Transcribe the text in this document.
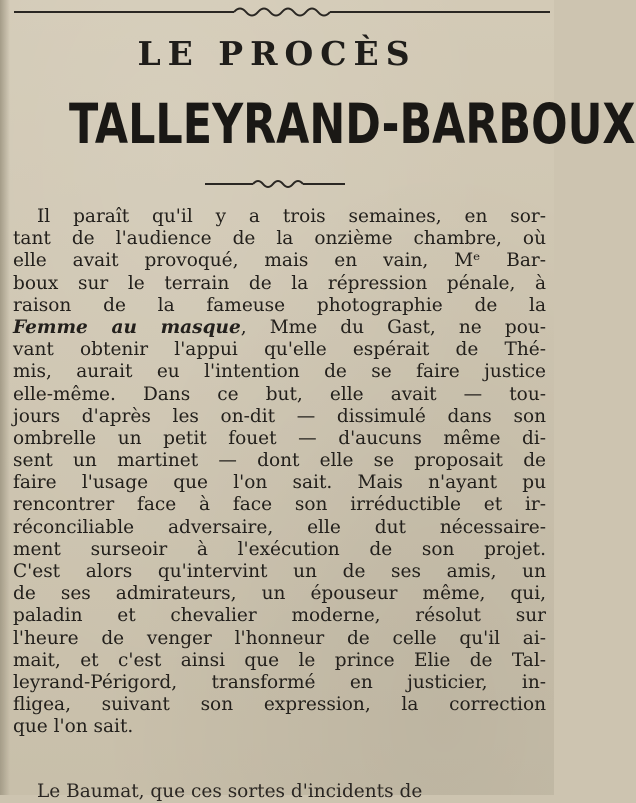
LE PROCÈS
TALLEYRAND-BARBOUX
Il paraît qu'il y a trois semaines, en sor-
tant de l'audience de la onzième chambre, où
elle avait provoqué, mais en vain, Mᵉ Bar-
boux sur le terrain de la répression pénale, à
raison de la fameuse photographie de la
Femme au masque, Mme du Gast, ne pou-
vant obtenir l'appui qu'elle espérait de Thé-
mis, aurait eu l'intention de se faire justice
elle-même. Dans ce but, elle avait — tou-
jours d'après les on-dit — dissimulé dans son
ombrelle un petit fouet — d'aucuns même di-
sent un martinet — dont elle se proposait de
faire l'usage que l'on sait. Mais n'ayant pu
rencontrer face à face son irréductible et ir-
réconciliable adversaire, elle dut nécessaire-
ment surseoir à l'exécution de son projet.
C'est alors qu'intervint un de ses amis, un
de ses admirateurs, un épouseur même, qui,
paladin et chevalier moderne, résolut sur
l'heure de venger l'honneur de celle qu'il ai-
mait, et c'est ainsi que le prince Elie de Tal-
leyrand-Périgord, transformé en justicier, in-
fligea, suivant son expression, la correction
que l'on sait.
Le Baumat, que ces sortes d'incidents de
